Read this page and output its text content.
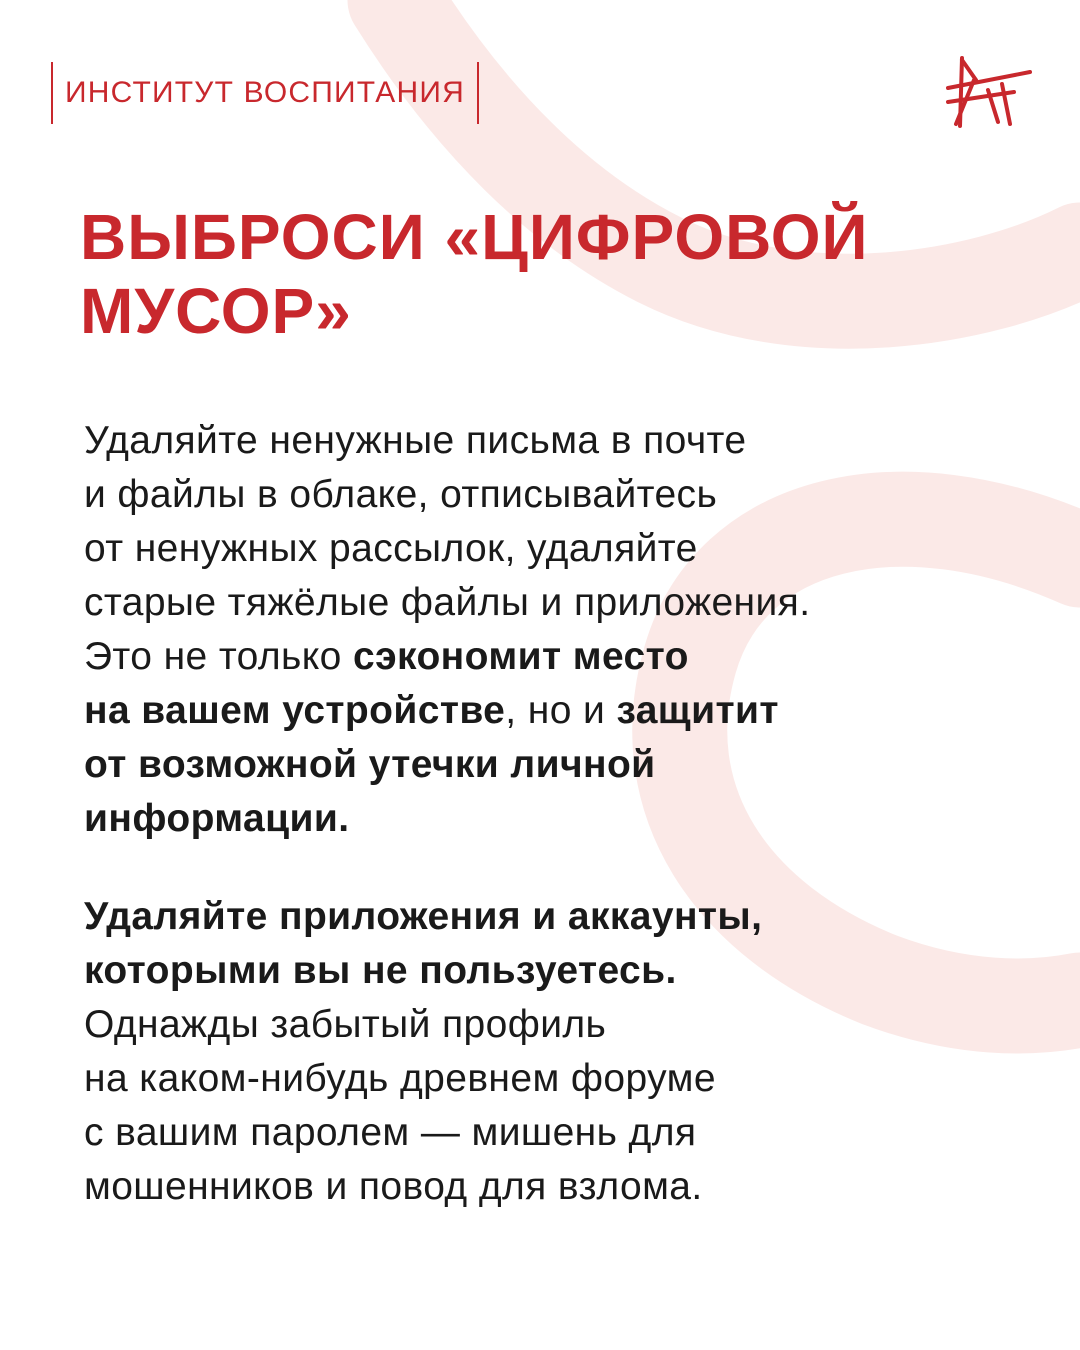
ИНСТИТУТ ВОСПИТАНИЯ
ВЫБРОСИ «ЦИФРОВОЙ
МУСОР»
Удаляйте ненужные письма в почте
и файлы в облаке, отписывайтесь
от ненужных рассылок, удаляйте
старые тяжёлые файлы и приложения.
Это не только сэкономит место
на вашем устройстве, но и защитит
от возможной утечки личной
информации.
Удаляйте приложения и аккаунты,
которыми вы не пользуетесь.
Однажды забытый профиль
на каком-нибудь древнем форуме
с вашим паролем — мишень для
мошенников и повод для взлома.
